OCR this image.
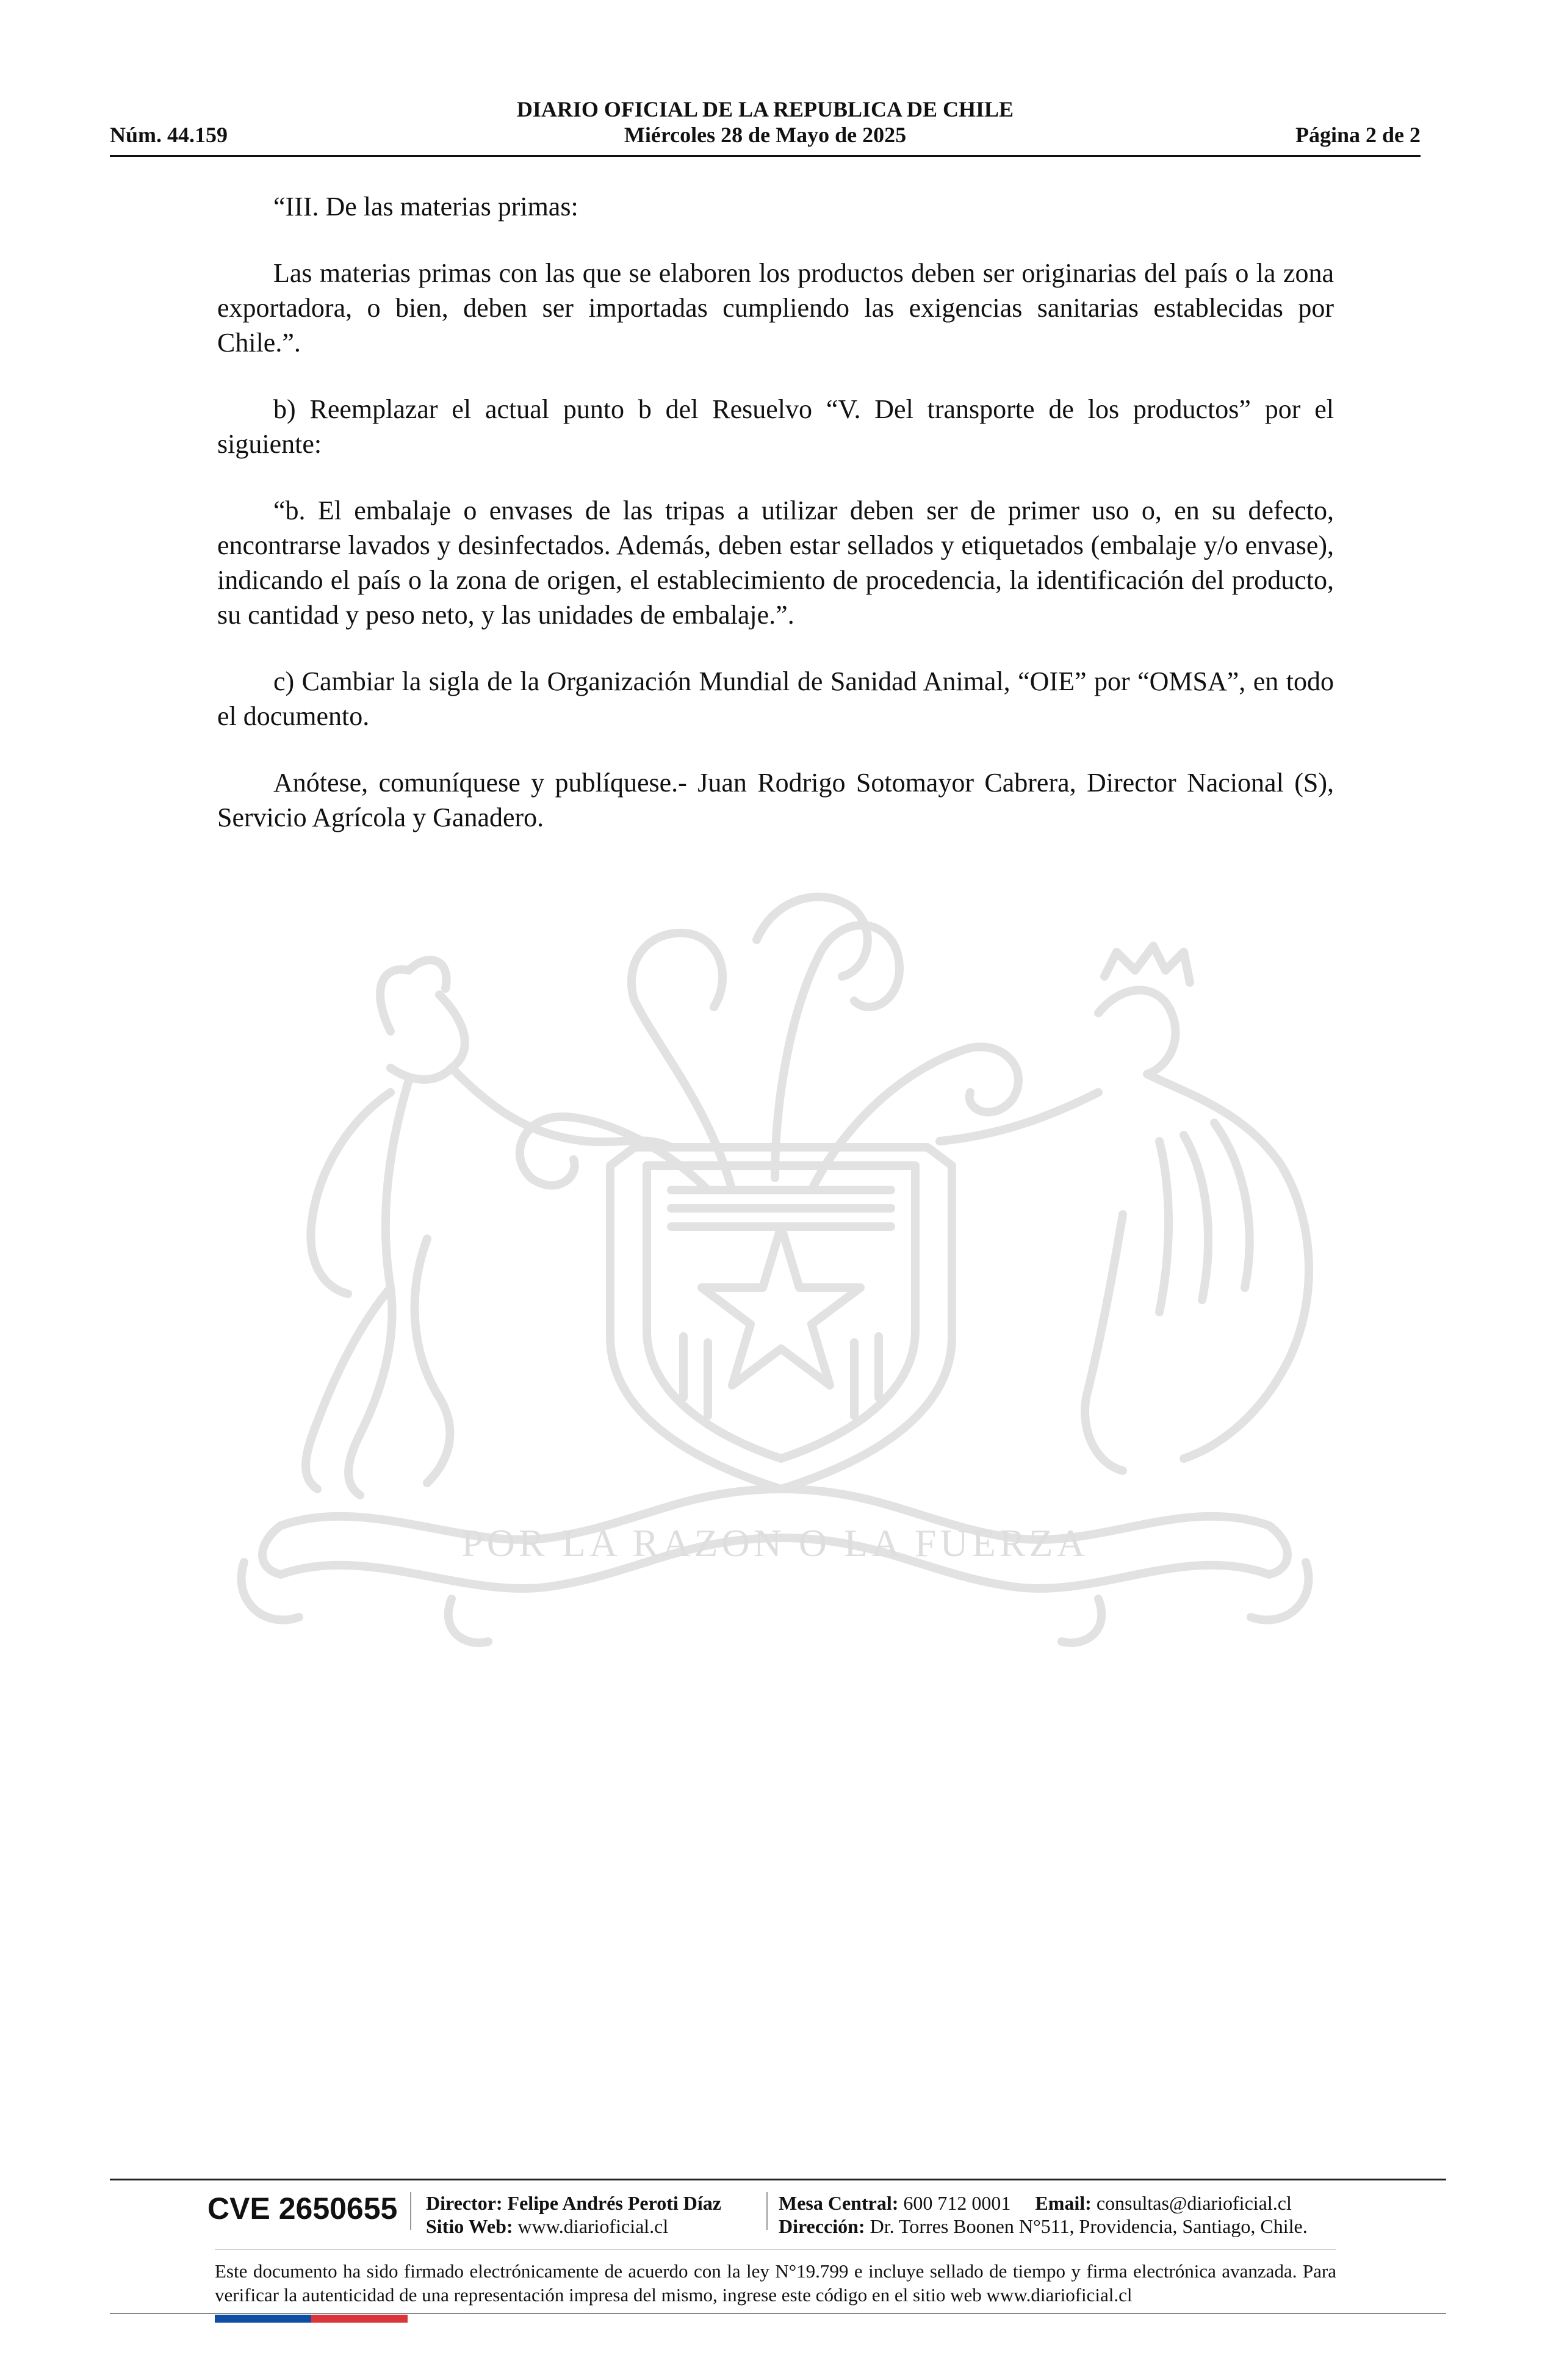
DIARIO OFICIAL DE LA REPUBLICA DE CHILE
Núm. 44.159	Miércoles 28 de Mayo de 2025	Página 2 de 2

“III. De las materias primas:

Las materias primas con las que se elaboren los productos deben ser originarias del país o la zona exportadora, o bien, deben ser importadas cumpliendo las exigencias sanitarias establecidas por Chile.”.

b) Reemplazar el actual punto b del Resuelvo “V. Del transporte de los productos” por el siguiente:

“b. El embalaje o envases de las tripas a utilizar deben ser de primer uso o, en su defecto, encontrarse lavados y desinfectados. Además, deben estar sellados y etiquetados (embalaje y/o envase), indicando el país o la zona de origen, el establecimiento de procedencia, la identificación del producto, su cantidad y peso neto, y las unidades de embalaje.”.

c) Cambiar la sigla de la Organización Mundial de Sanidad Animal, “OIE” por “OMSA”, en todo el documento.

Anótese, comuníquese y publíquese.- Juan Rodrigo Sotomayor Cabrera, Director Nacional (S), Servicio Agrícola y Ganadero.

POR LA RAZON O LA FUERZA
CVE 2650655 Director: Felipe Andrés Peroti Díaz
Sitio Web: www.diarioficial.cl
Mesa Central: 600 712 0001 Email: consultas@diarioficial.cl
Dirección: Dr. Torres Boonen N°511, Providencia, Santiago, Chile.
Este documento ha sido firmado electrónicamente de acuerdo con la ley N°19.799 e incluye sellado de tiempo y firma electrónica avanzada. Para verificar la autenticidad de una representación impresa del mismo, ingrese este código en el sitio web www.diarioficial.cl
